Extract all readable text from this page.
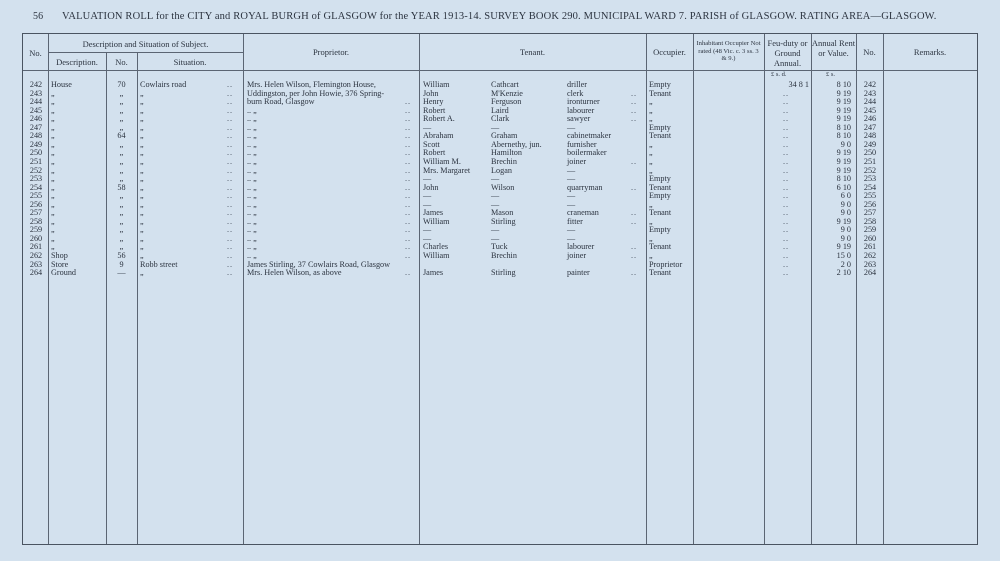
56 VALUATION ROLL for the CITY and ROYAL BURGH of GLASGOW for the YEAR 1913-14. SURVEY BOOK 290. MUNICIPAL WARD 7. PARISH of GLASGOW. RATING AREA—GLASGOW.
No.
Description and Situation of Subject.
Description.	No.	Situation.
Proprietor.	Tenant.	Occupier.
Inhabitant Occupier Not rated (48 Vic. c. 3 ss. 3 & 9.)
Feu-duty or Ground Annual.
Annual Rent or Value.	No.	Remarks.
£ s. d.	£ s.
242	House	70	Cowlairs road	..	Mrs. Helen Wilson, Flemington House,	William	Cathcart	driller	Empty	34 8 1	8 10	242
243	„	„	„	..	Uddingston, per John Howie, 376 Spring-	John	M'Kenzie	clerk	..	Tenant	..	9 19	243
244	„	„	„	..	burn Road, Glasgow	..	Henry	Ferguson	ironturner	..	„	..	9 19	244
245	„	„	„	..	.. „	..	Robert	Laird	labourer	..	„	..	9 19	245
246	„	„	„	..	.. „	..	Robert A.	Clark	sawyer	..	„	..	9 19	246
247	„	„	„	..	.. „	..	—	—	—	Empty	..	8 10	247
248	„	64	„	..	.. „	..	Abraham	Graham	cabinetmaker	Tenant	..	8 10	248
249	„	„	„	..	.. „	..	Scott	Abernethy, jun.	furnisher	„	..	9 0	249
250	„	„	„	..	.. „	..	Robert	Hamilton	boilermaker	„	..	9 19	250
251	„	„	„	..	.. „	..	William M.	Brechin	joiner	..	„	..	9 19	251
252	„	„	„	..	.. „	..	Mrs. Margaret	Logan	—	„	..	9 19	252
253	„	„	„	..	.. „	..	—	—	—	Empty	..	8 10	253
254	„	58	„	..	.. „	..	John	Wilson	quarryman	..	Tenant	..	6 10	254
255	„	„	„	..	.. „	..	—	—	—	Empty	..	6 0	255
256	„	„	„	..	.. „	..	—	—	—	„	..	9 0	256
257	„	„	„	..	.. „	..	James	Mason	craneman	..	Tenant	..	9 0	257
258	„	„	„	..	.. „	..	William	Stirling	fitter	..	„	..	9 19	258
259	„	„	„	..	.. „	..	—	—	—	Empty	..	9 0	259
260	„	„	„	..	.. „	..	—	—	—	„	..	9 0	260
261	„	„	„	..	.. „	..	Charles	Tuck	labourer	..	Tenant	..	9 19	261
262	Shop	56	„	..	.. „	..	William	Brechin	joiner	..	„	..	15 0	262
263	Store	9	Robb street	..	James Stirling, 37 Cowlairs Road, Glasgow	Proprietor	..	2 0	263
264	Ground	—	„	..	Mrs. Helen Wilson, as above	..	James	Stirling	painter	..	Tenant	..	2 10	264
